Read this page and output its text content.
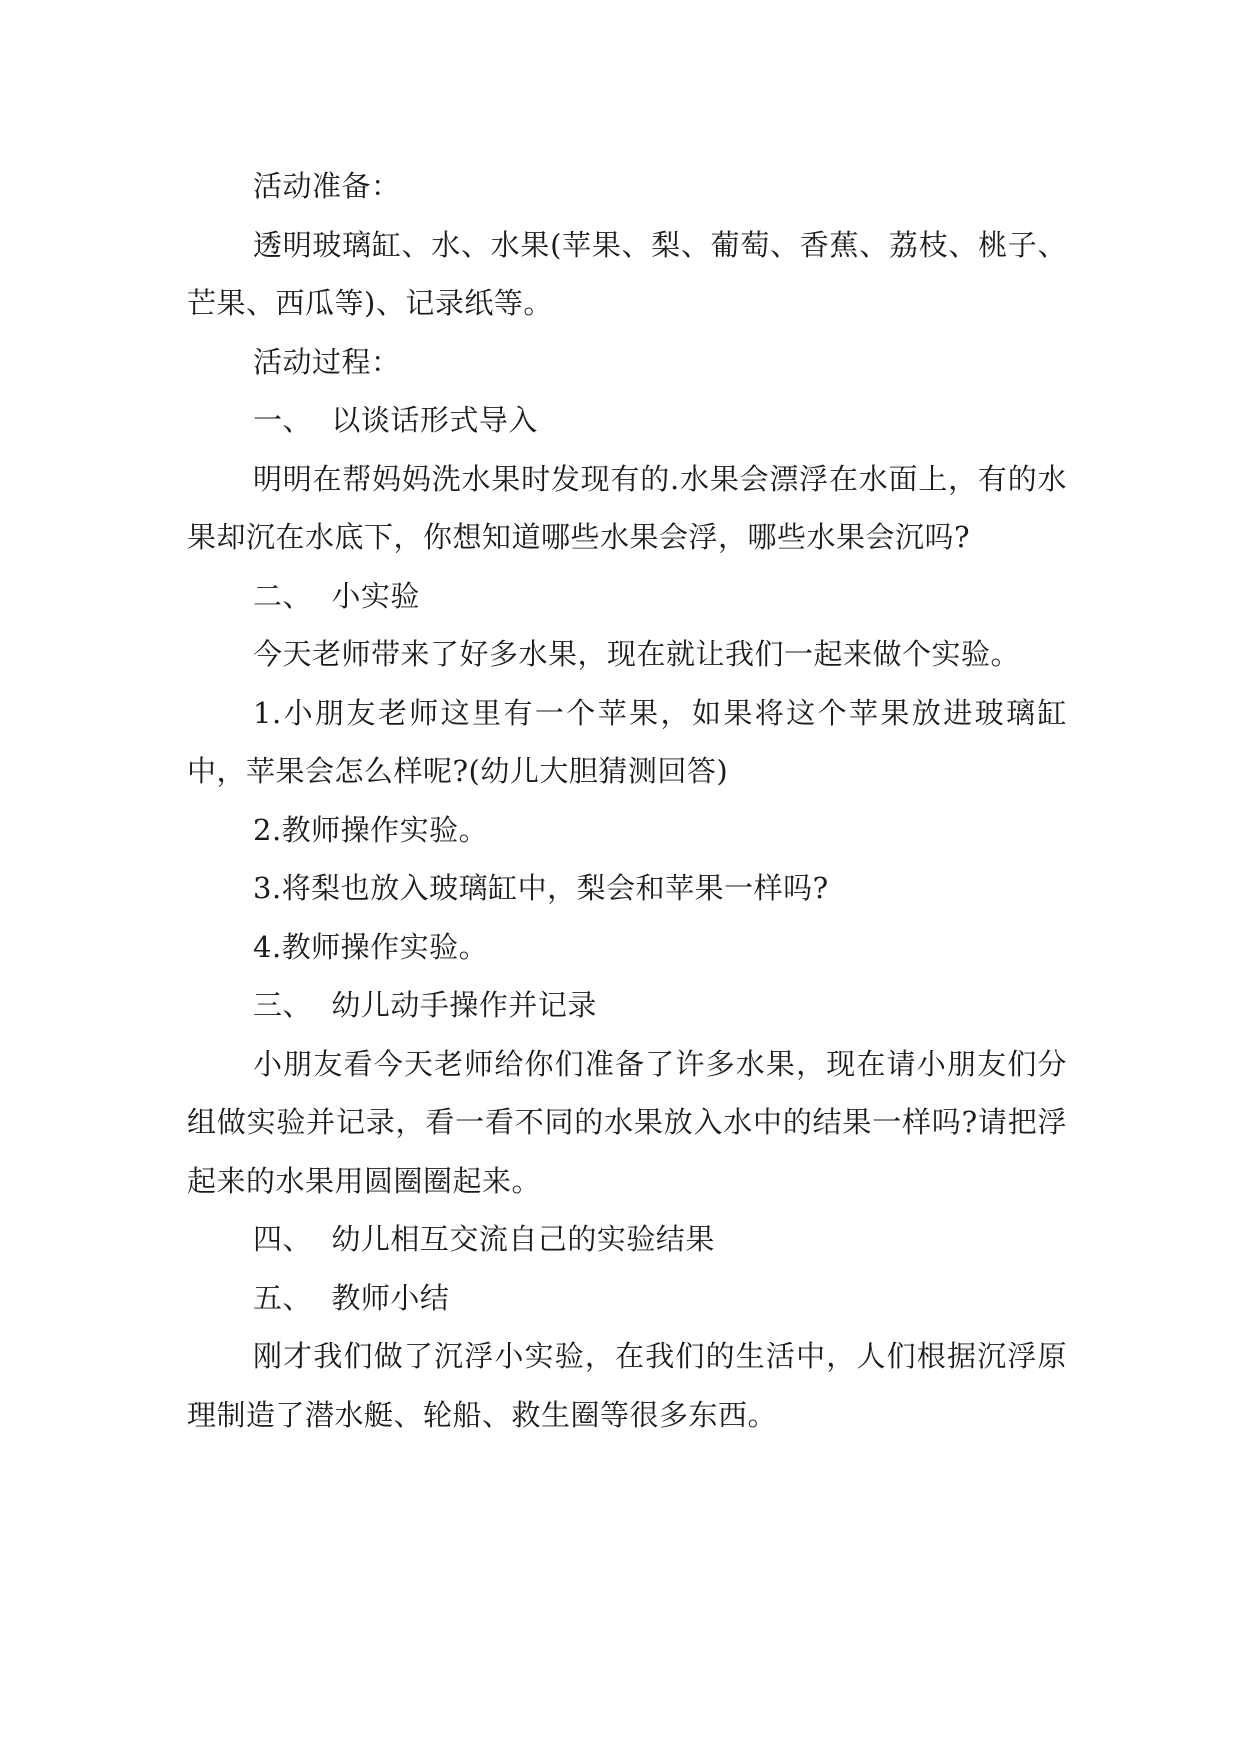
活动准备：

透明玻璃缸、水、水果(苹果、梨、葡萄、香蕉、荔枝、桃子、芒果、西瓜等)、记录纸等。

活动过程：

一、  以谈话形式导入

明明在帮妈妈洗水果时发现有的.水果会漂浮在水面上，有的水果却沉在水底下，你想知道哪些水果会浮，哪些水果会沉吗?

二、  小实验

今天老师带来了好多水果，现在就让我们一起来做个实验。

1.小朋友老师这里有一个苹果，如果将这个苹果放进玻璃缸中，苹果会怎么样呢?(幼儿大胆猜测回答)

2.教师操作实验。

3.将梨也放入玻璃缸中，梨会和苹果一样吗?

4.教师操作实验。

三、  幼儿动手操作并记录

小朋友看今天老师给你们准备了许多水果，现在请小朋友们分组做实验并记录，看一看不同的水果放入水中的结果一样吗?请把浮起来的水果用圆圈圈起来。

四、  幼儿相互交流自己的实验结果

五、  教师小结

刚才我们做了沉浮小实验，在我们的生活中，人们根据沉浮原理制造了潜水艇、轮船、救生圈等很多东西。
